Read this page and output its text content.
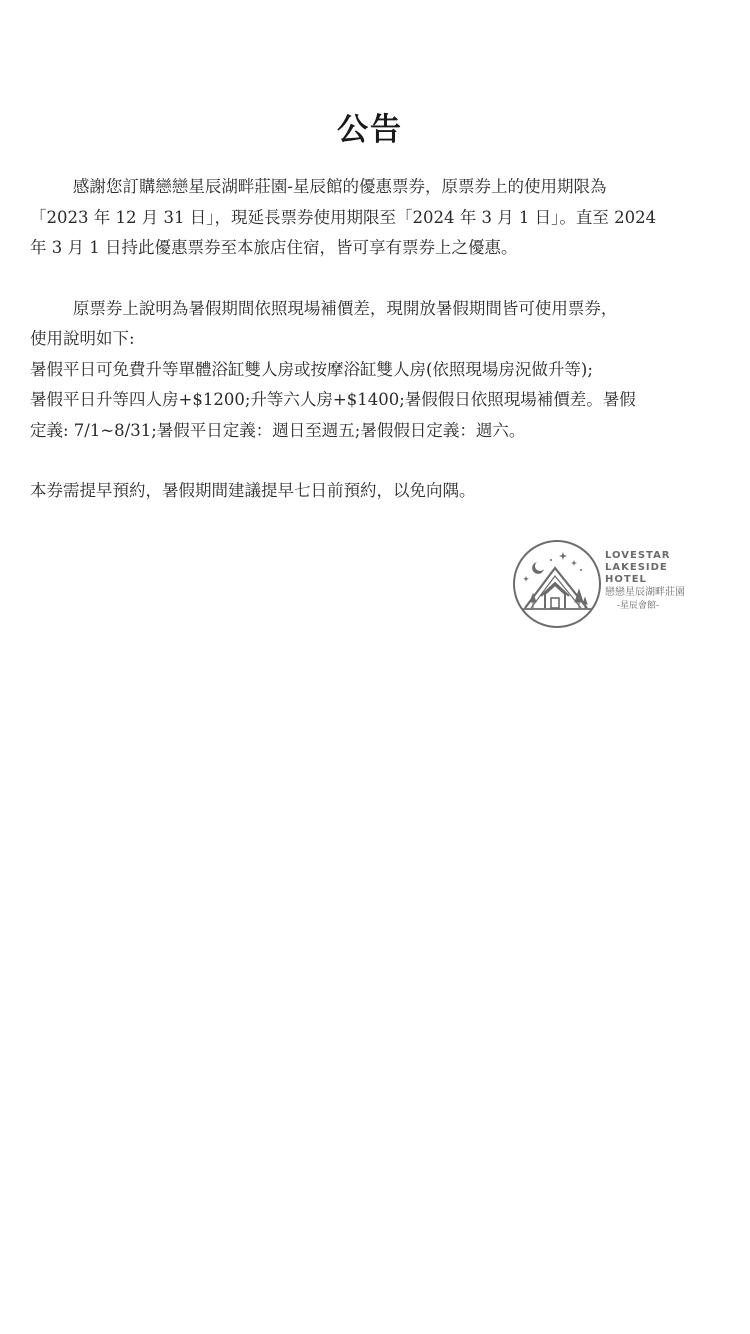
公告

感謝您訂購戀戀星辰湖畔莊園-星辰館的優惠票券，原票券上的使用期限為

「2023 年 12 月 31 日」，現延長票券使用期限至「2024 年 3 月 1 日」。直至 2024

年 3 月 1 日持此優惠票券至本旅店住宿，皆可享有票券上之優惠。

原票券上說明為暑假期間依照現場補價差，現開放暑假期間皆可使用票券，

使用說明如下:

暑假平日可免費升等單體浴缸雙人房或按摩浴缸雙人房(依照現場房況做升等);

暑假平日升等四人房+$1200;升等六人房+$1400;暑假假日依照現場補價差。暑假

定義: 7/1~8/31;暑假平日定義：週日至週五;暑假假日定義：週六。

本券需提早預約，暑假期間建議提早七日前預約，以免向隅。

LOVESTAR
LAKESIDE
HOTEL
戀戀星辰湖畔莊園
-星辰會館-
